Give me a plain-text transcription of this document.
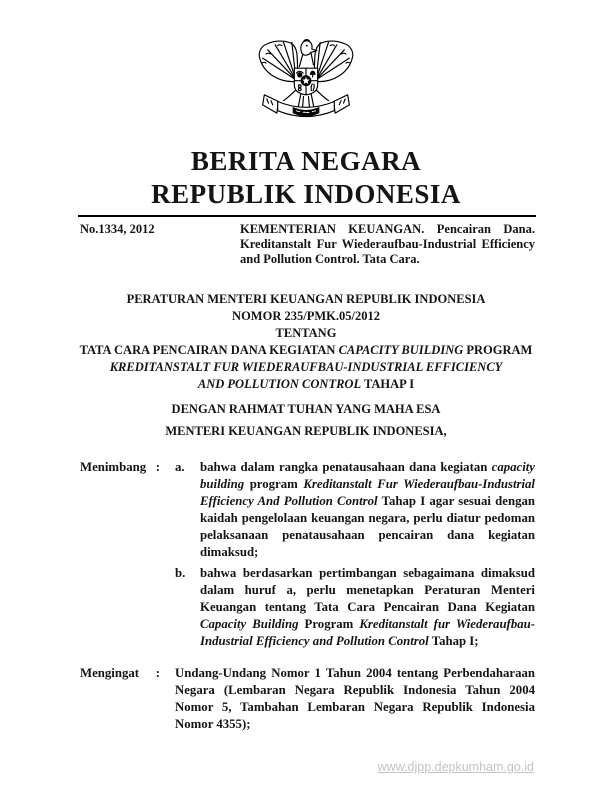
BERITA NEGARA
REPUBLIK INDONESIA
No.1334, 2012	KEMENTERIAN KEUANGAN. Pencairan Dana. Kreditanstalt Fur Wiederaufbau-Industrial Efficiency and Pollution Control. Tata Cara.
PERATURAN MENTERI KEUANGAN REPUBLIK INDONESIA
NOMOR 235/PMK.05/2012
TENTANG
TATA CARA PENCAIRAN DANA KEGIATAN CAPACITY BUILDING PROGRAM
KREDITANSTALT FUR WIEDERAUFBAU-INDUSTRIAL EFFICIENCY
AND POLLUTION CONTROL TAHAP I
DENGAN RAHMAT TUHAN YANG MAHA ESA
MENTERI KEUANGAN REPUBLIK INDONESIA,
Menimbang : a.	bahwa dalam rangka penatausahaan dana kegiatan capacity building program Kreditanstalt Fur Wiederaufbau-Industrial Efficiency And Pollution Control Tahap I agar sesuai dengan kaidah pengelolaan keuangan negara, perlu diatur pedoman pelaksanaan penatausahaan pencairan dana kegiatan dimaksud;
b.	bahwa berdasarkan pertimbangan sebagaimana dimaksud dalam huruf a, perlu menetapkan Peraturan Menteri Keuangan tentang Tata Cara Pencairan Dana Kegiatan Capacity Building Program Kreditanstalt fur Wiederaufbau-Industrial Efficiency and Pollution Control Tahap I;
Mengingat : Undang-Undang Nomor 1 Tahun 2004 tentang Perbendaharaan Negara (Lembaran Negara Republik Indonesia Tahun 2004 Nomor 5, Tambahan Lembaran Negara Republik Indonesia Nomor 4355);
www.djpp.depkumham.go.id
